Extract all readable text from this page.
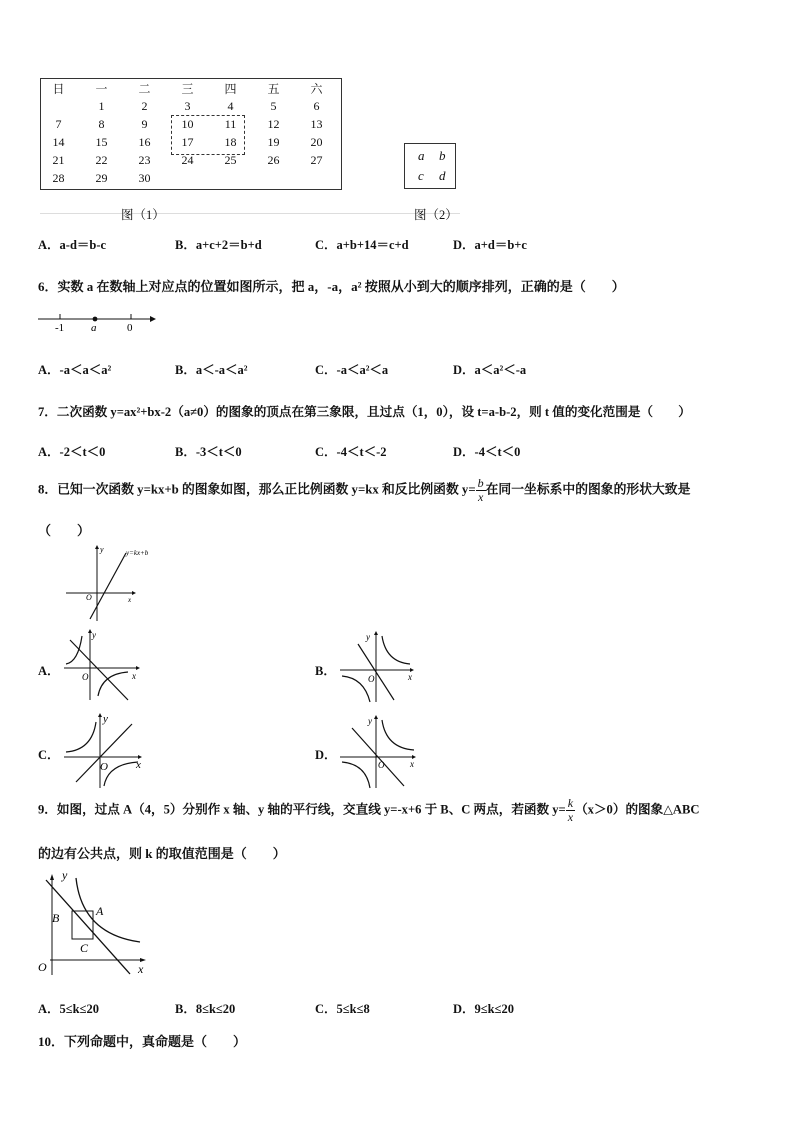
日	一	二	三	四	五	六
	1	2	3	4	5	6
7	8	9	10	11	12	13
14	15	16	17	18	19	20
21	22	23	24	25	26	27
28	29	30				
图（1）
a b
c d
图（2）
A．a-d＝b-c	B．a+c+2＝b+d	C．a+b+14＝c+d	D．a+d＝b+c
6．实数 a 在数轴上对应点的位置如图所示，把 a，-a，a² 按照从小到大的顺序排列，正确的是（　　）
-1 a	0
A．-a＜a＜a²	B．a＜-a＜a²	C．-a＜a²＜a	D．a＜a²＜-a
7．二次函数 y=ax²+bx-2（a≠0）的图象的顶点在第三象限，且过点（1，0），设 t=a-b-2，则 t 值的变化范围是（　　）
A．-2＜t＜0	B．-3＜t＜0	C．-4＜t＜-2	D．-4＜t＜0
8．已知一次函数 y=kx+b 的图象如图，那么正比例函数 y=kx 和反比例函数 $y= \frac{b}{x}$ 在同一坐标系中的图象的形状大致是
（　　）
y
O	x
y=kx+b
A．
y
O	x	B．
y
O	x
C．
y
O	x
D．
y
O	x
9．如图，过点 A（4，5）分别作 x 轴、y 轴的平行线，交直线 y=-x+6 于 B、C 两点，若函数 $y= \frac{k}{x} (x>0)$的图象△ABC
的边有公共点，则 k 的取值范围是（　　）
y
x
O
A
B
C
A．5≤k≤20	B．8≤k≤20	C．5≤k≤8	D．9≤k≤20
10．下列命题中，真命题是（　　）
